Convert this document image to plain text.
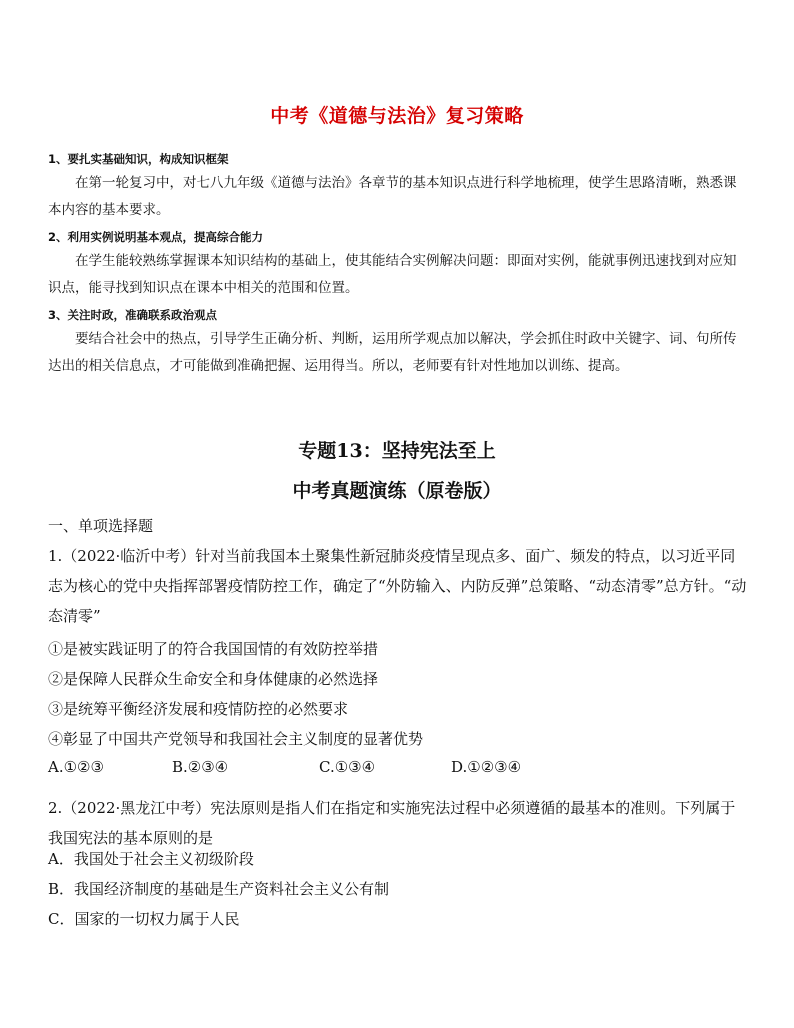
中考《道德与法治》复习策略
1、要扎实基础知识，构成知识框架

在第一轮复习中，对七八九年级《道德与法治》各章节的基本知识点进行科学地梳理，使学生思路清晰，熟悉课本内容的基本要求。

2、利用实例说明基本观点，提高综合能力

在学生能较熟练掌握课本知识结构的基础上，使其能结合实例解决问题：即面对实例，能就事例迅速找到对应知识点，能寻找到知识点在课本中相关的范围和位置。

3、关注时政，准确联系政治观点

要结合社会中的热点，引导学生正确分析、判断，运用所学观点加以解决，学会抓住时政中关键字、词、句所传达出的相关信息点，才可能做到准确把握、运用得当。所以，老师要有针对性地加以训练、提高。

专题13：坚持宪法至上
中考真题演练（原卷版）
一、单项选择题

1.（2022·临沂中考）针对当前我国本土聚集性新冠肺炎疫情呈现点多、面广、频发的特点，以习近平同志为核心的党中央指挥部署疫情防控工作，确定了“外防输入、内防反弹”总策略、“动态清零”总方针。“动态清零”

①是被实践证明了的符合我国国情的有效防控举措
②是保障人民群众生命安全和身体健康的必然选择
③是统筹平衡经济发展和疫情防控的必然要求

2.（2022·黑龙江中考）宪法原则是指人们在指定和实施宪法过程中必须遵循的最基本的准则。下列属于我国宪法的基本原则的是

A．我国处于社会主义初级阶段
B．我国经济制度的基础是生产资料社会主义公有制
C．国家的一切权力属于人民
④彰显了中国共产党领导和我国社会主义制度的显著优势
A.①②③	B.②③④	C.①③④	D.①②③④
